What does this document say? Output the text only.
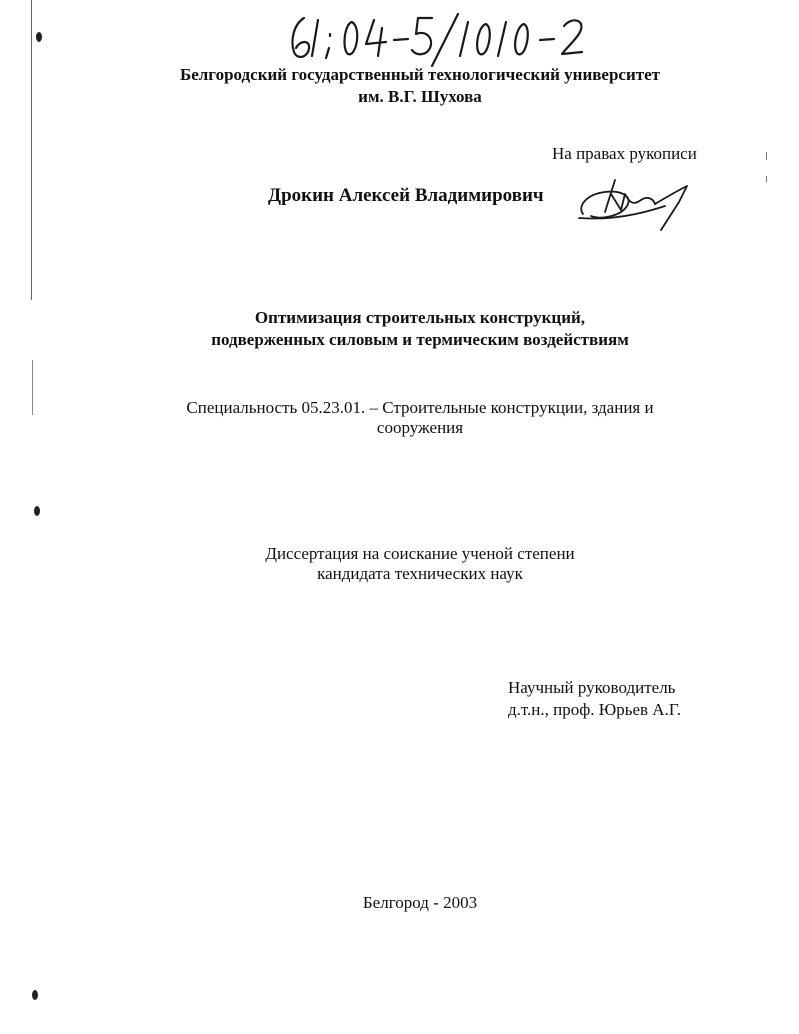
Белгородский государственный технологический университет
им. В.Г. Шухова
На правах рукописи
Дрокин Алексей Владимирович
Оптимизация строительных конструкций,
подверженных силовым и термическим воздействиям
Специальность 05.23.01. – Строительные конструкции, здания и
сооружения
Диссертация на соискание ученой степени
кандидата технических наук
Научный руководитель
д.т.н., проф. Юрьев А.Г.
Белгород - 2003
